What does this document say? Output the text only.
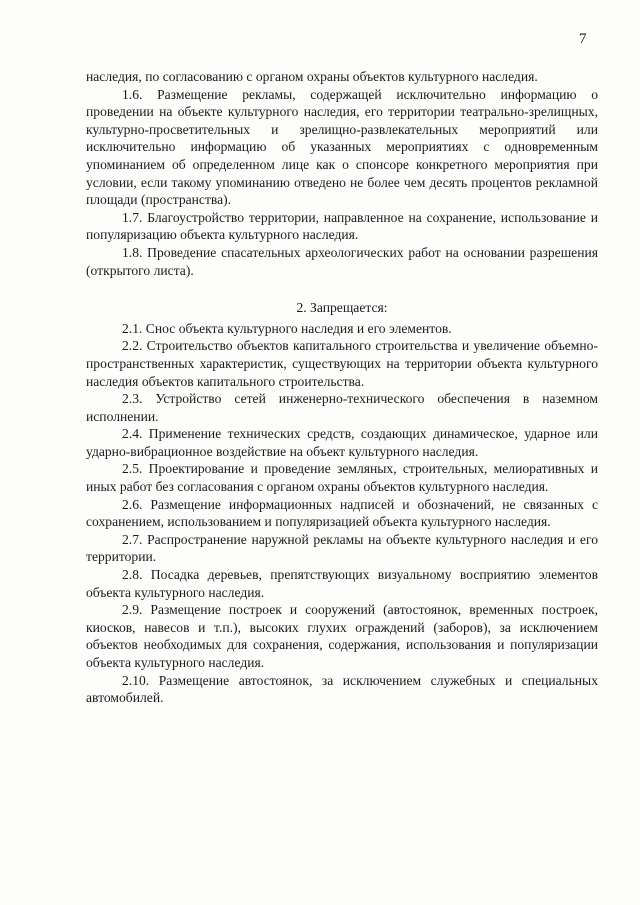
7

наследия, по согласованию с органом охраны объектов культурного наследия.

1.6. Размещение рекламы, содержащей исключительно информацию о проведении на объекте культурного наследия, его территории театрально-зрелищных, культурно-просветительных и зрелищно-развлекательных мероприятий или исключительно информацию об указанных мероприятиях с одновременным упоминанием об определенном лице как о спонсоре конкретного мероприятия при условии, если такому упоминанию отведено не более чем десять процентов рекламной площади (пространства).

1.7. Благоустройство территории, направленное на сохранение, использование и популяризацию объекта культурного наследия.

1.8. Проведение спасательных археологических работ на основании разрешения (открытого листа).

2. Запрещается:

2.1. Снос объекта культурного наследия и его элементов.

2.2. Строительство объектов капитального строительства и увеличение объемно-пространственных характеристик, существующих на территории объекта культурного наследия объектов капитального строительства.

2.3. Устройство сетей инженерно-технического обеспечения в наземном исполнении.

2.4. Применение технических средств, создающих динамическое, ударное или ударно-вибрационное воздействие на объект культурного наследия.

2.5. Проектирование и проведение земляных, строительных, мелиоративных и иных работ без согласования с органом охраны объектов культурного наследия.

2.6. Размещение информационных надписей и обозначений, не связанных с сохранением, использованием и популяризацией объекта культурного наследия.

2.7. Распространение наружной рекламы на объекте культурного наследия и его территории.

2.8. Посадка деревьев, препятствующих визуальному восприятию элементов объекта культурного наследия.

2.9. Размещение построек и сооружений (автостоянок, временных построек, киосков, навесов и т.п.), высоких глухих ограждений (заборов), за исключением объектов необходимых для сохранения, содержания, использования и популяризации объекта культурного наследия.

2.10. Размещение автостоянок, за исключением служебных и специальных автомобилей.
